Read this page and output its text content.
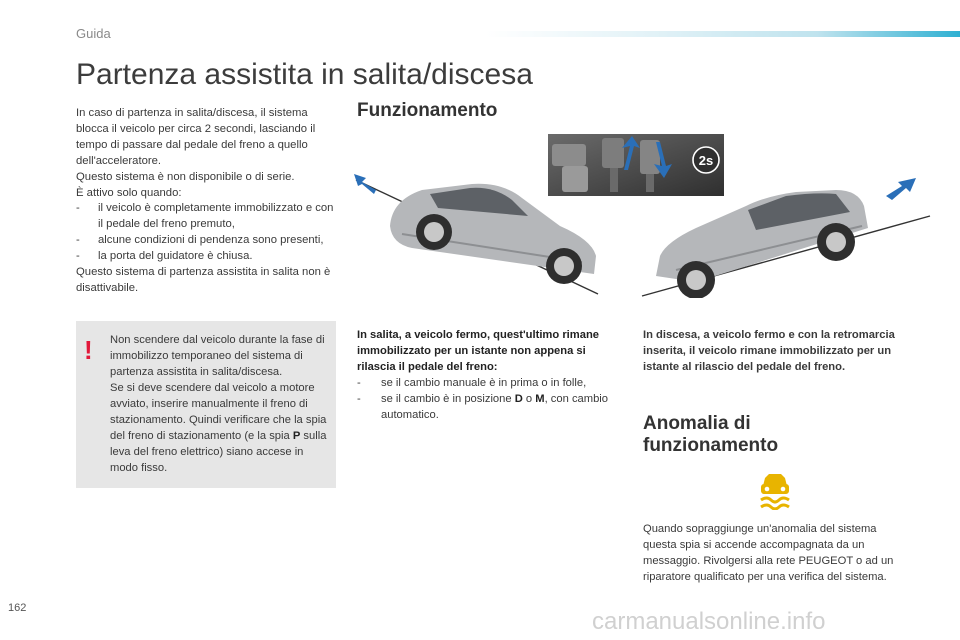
Guida
Partenza assistita in salita/discesa

In caso di partenza in salita/discesa, il sistema blocca il veicolo per circa 2 secondi, lasciando il tempo di passare dal pedale del freno a quello dell'acceleratore.

Questo sistema è non disponibile o di serie.

È attivo solo quando:

- il veicolo è completamente immobilizzato e con il pedale del freno premuto,

- alcune condizioni di pendenza sono presenti,

- la porta del guidatore è chiusa.

Questo sistema di partenza assistita in salita non è disattivabile.

! Non scendere dal veicolo durante la fase di immobilizzo temporaneo del sistema di partenza assistita in salita/discesa.
Se si deve scendere dal veicolo a motore avviato, inserire manualmente il freno di stazionamento. Quindi verificare che la spia del freno di stazionamento (e la spia P sulla leva del freno elettrico) siano accese in modo fisso.

Funzionamento
2s

In salita, a veicolo fermo, quest'ultimo rimane immobilizzato per un istante non appena si rilascia il pedale del freno:

- se il cambio manuale è in prima o in folle,

- se il cambio è in posizione D o M, con cambio automatico.

In discesa, a veicolo fermo e con la retromarcia inserita, il veicolo rimane immobilizzato per un istante al rilascio del pedale del freno.

Anomalia di
funzionamento

Quando sopraggiunge un'anomalia del sistema questa spia si accende accompagnata da un messaggio. Rivolgersi alla rete PEUGEOT o ad un riparatore qualificato per una verifica del sistema.

162	carmanualsonline.info
